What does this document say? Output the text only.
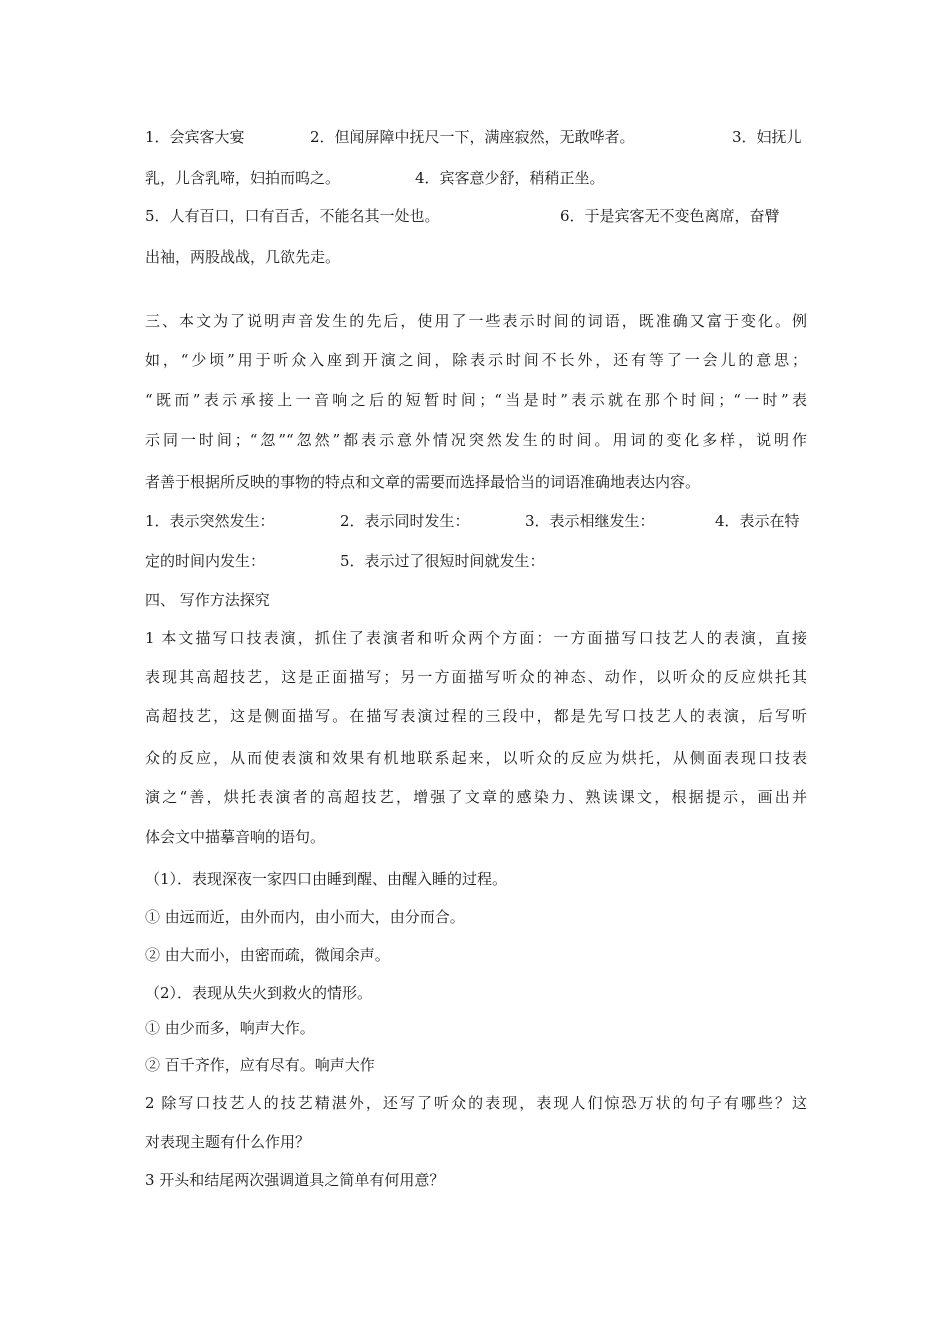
1．会宾客大宴	2．但闻屏障中抚尺一下，满座寂然，无敢哗者。	3．妇抚儿
乳，儿含乳啼，妇拍而呜之。	4．宾客意少舒，稍稍正坐。
5．人有百口，口有百舌，不能名其一处也。	6．于是宾客无不变色离席，奋臂
出袖，两股战战，几欲先走。
三、本文为了说明声音发生的先后，使用了一些表示时间的词语，既准确又富于变化。例
如，“少顷”用于听众入座到开演之间，除表示时间不长外，还有等了一会儿的意思；
“既而”表示承接上一音响之后的短暂时间；“当是时”表示就在那个时间；“一时”表
示同一时间；“忽”“忽然”都表示意外情况突然发生的时间。用词的变化多样，说明作
者善于根据所反映的事物的特点和文章的需要而选择最恰当的词语准确地表达内容。
1．表示突然发生：	2．表示同时发生：	3．表示相继发生：	4．表示在特
定的时间内发生：	5．表示过了很短时间就发生：
四、 写作方法探究
1 本文描写口技表演，抓住了表演者和听众两个方面：一方面描写口技艺人的表演，直接
表现其高超技艺，这是正面描写；另一方面描写听众的神态、动作，以听众的反应烘托其
高超技艺，这是侧面描写。在描写表演过程的三段中，都是先写口技艺人的表演，后写听
众的反应，从而使表演和效果有机地联系起来，以听众的反应为烘托，从侧面表现口技表
演之“善，烘托表演者的高超技艺，增强了文章的感染力、熟读课文，根据提示，画出并
体会文中描摹音响的语句。
（1）．表现深夜一家四口由睡到醒、由醒入睡的过程。
① 由远而近，由外而内，由小而大，由分而合。
② 由大而小，由密而疏，微闻余声。
（2）．表现从失火到救火的情形。
① 由少而多，响声大作。
② 百千齐作，应有尽有。响声大作
2 除写口技艺人的技艺精湛外，还写了听众的表现，表现人们惊恐万状的句子有哪些？这
对表现主题有什么作用？
3 开头和结尾两次强调道具之简单有何用意？
